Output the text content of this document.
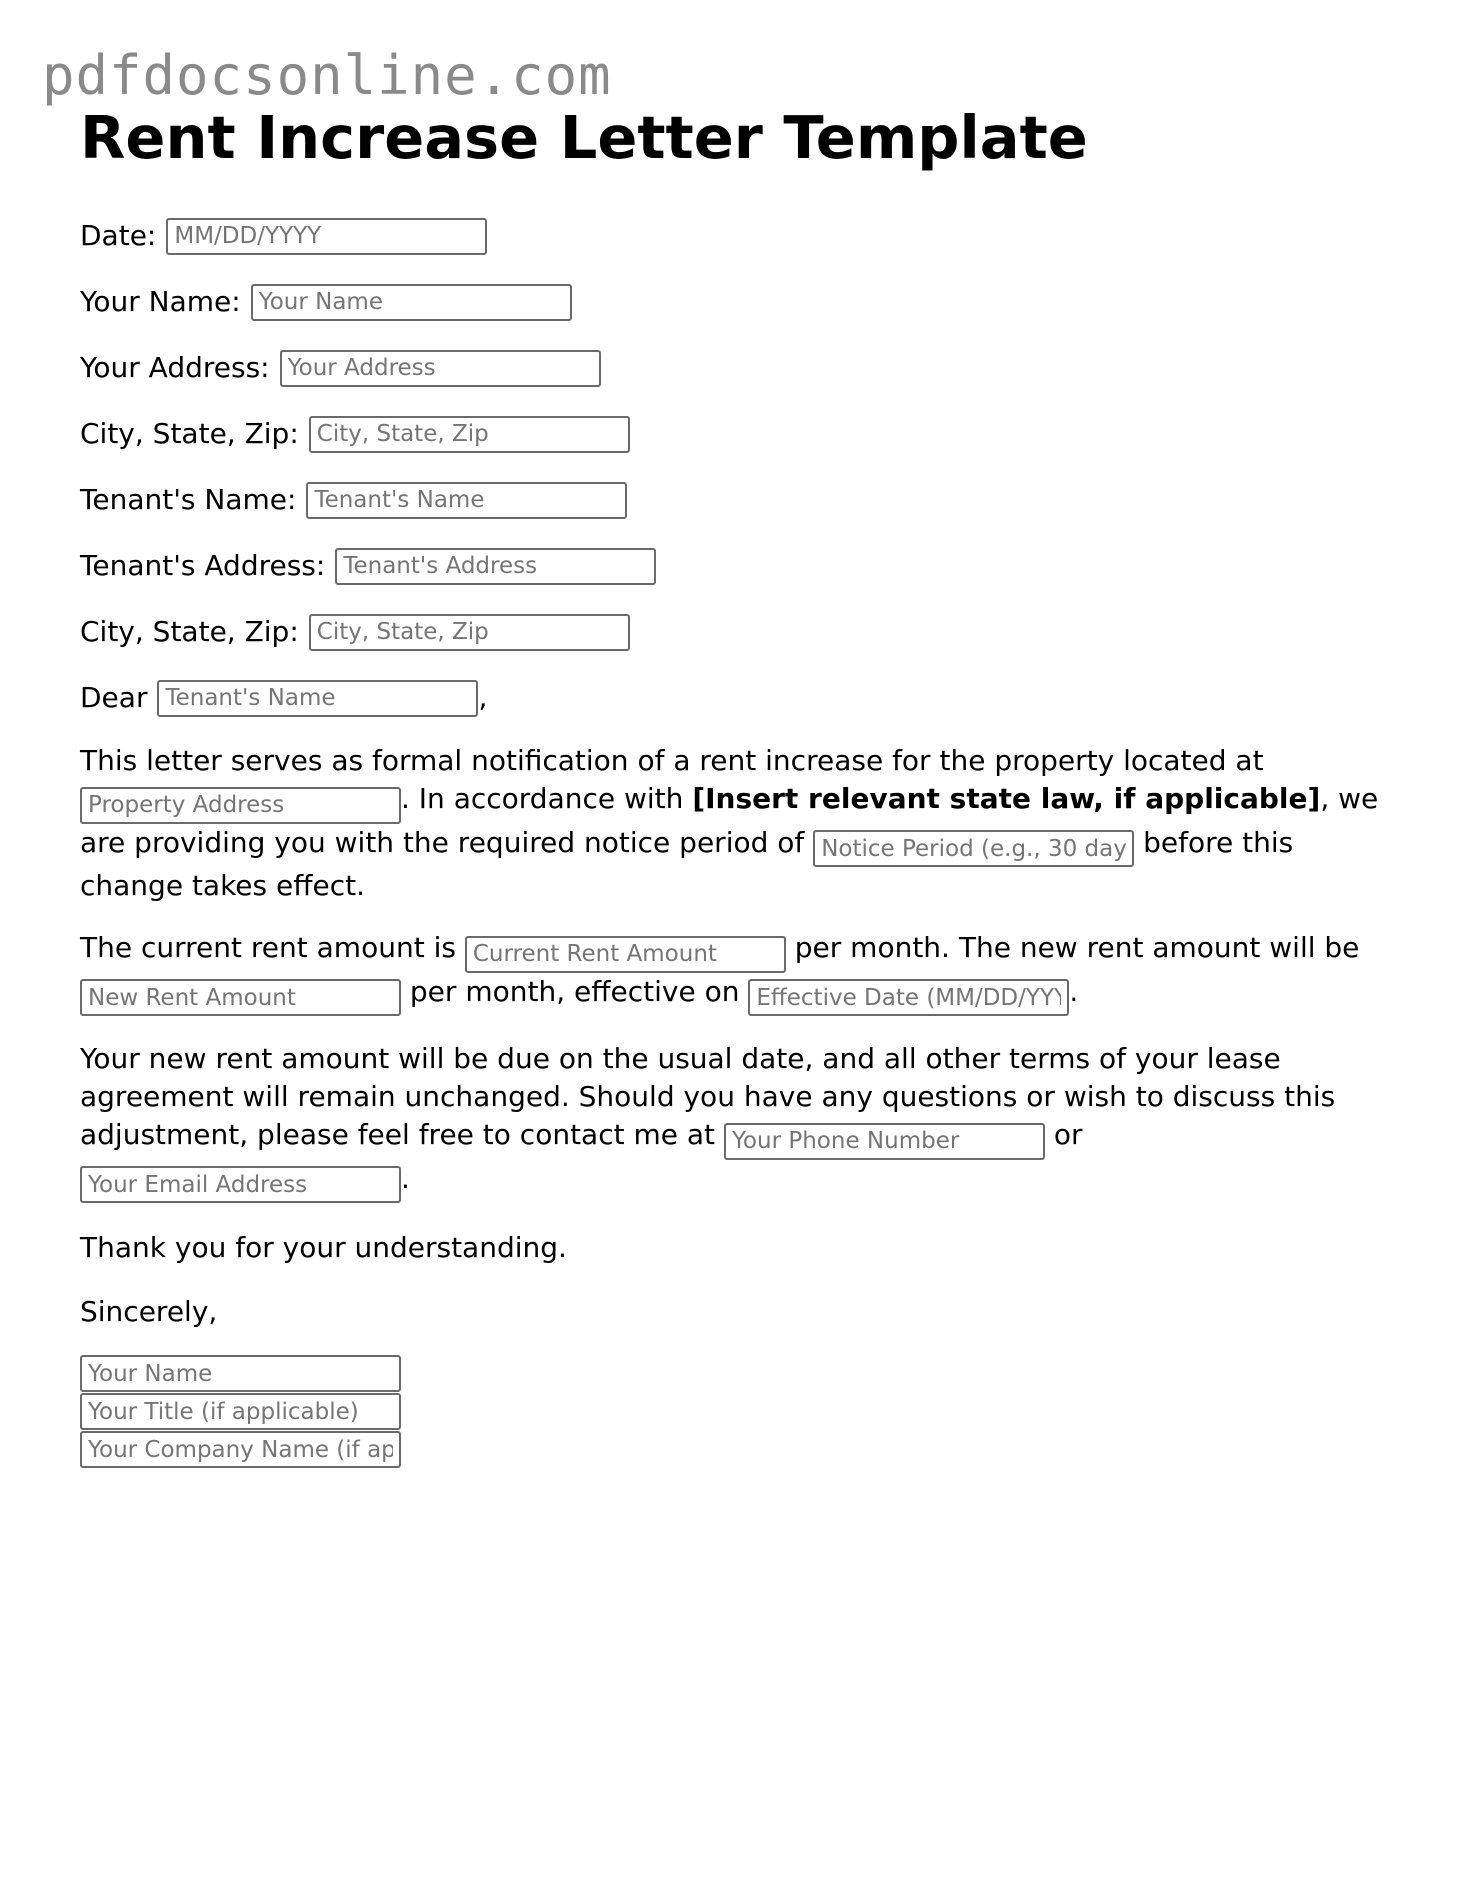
pdfdocsonline.com
Rent Increase Letter Template
Date:
MM/DD/YYYY
Your Name:
Your Name
Your Address:
Your Address
City, State, Zip:
City, State, Zip
Tenant's Name:
Tenant's Name
Tenant's Address:
Tenant's Address
City, State, Zip:
City, State, Zip
Dear
Tenant's Name	,

This letter serves as formal notification of a rent increase for the property located at Property Address. In accordance with [Insert relevant state law, if applicable], we are providing you with the required notice period of Notice Period (e.g., 30 days)	before this change takes effect.

The current rent amount is Current Rent Amount	per month. The new rent amount will be New Rent Amount per month, effective on Effective Date (MM/DD/YYYY)	.

Your new rent amount will be due on the usual date, and all other terms of your lease agreement will remain unchanged. Should you have any questions or wish to discuss this adjustment, please feel free to contact me at Your Phone Number	or Your Email Address.

Thank you for your understanding.

Sincerely,

Your Name
Your Title (if applicable)
Your Company Name (if applicable)
